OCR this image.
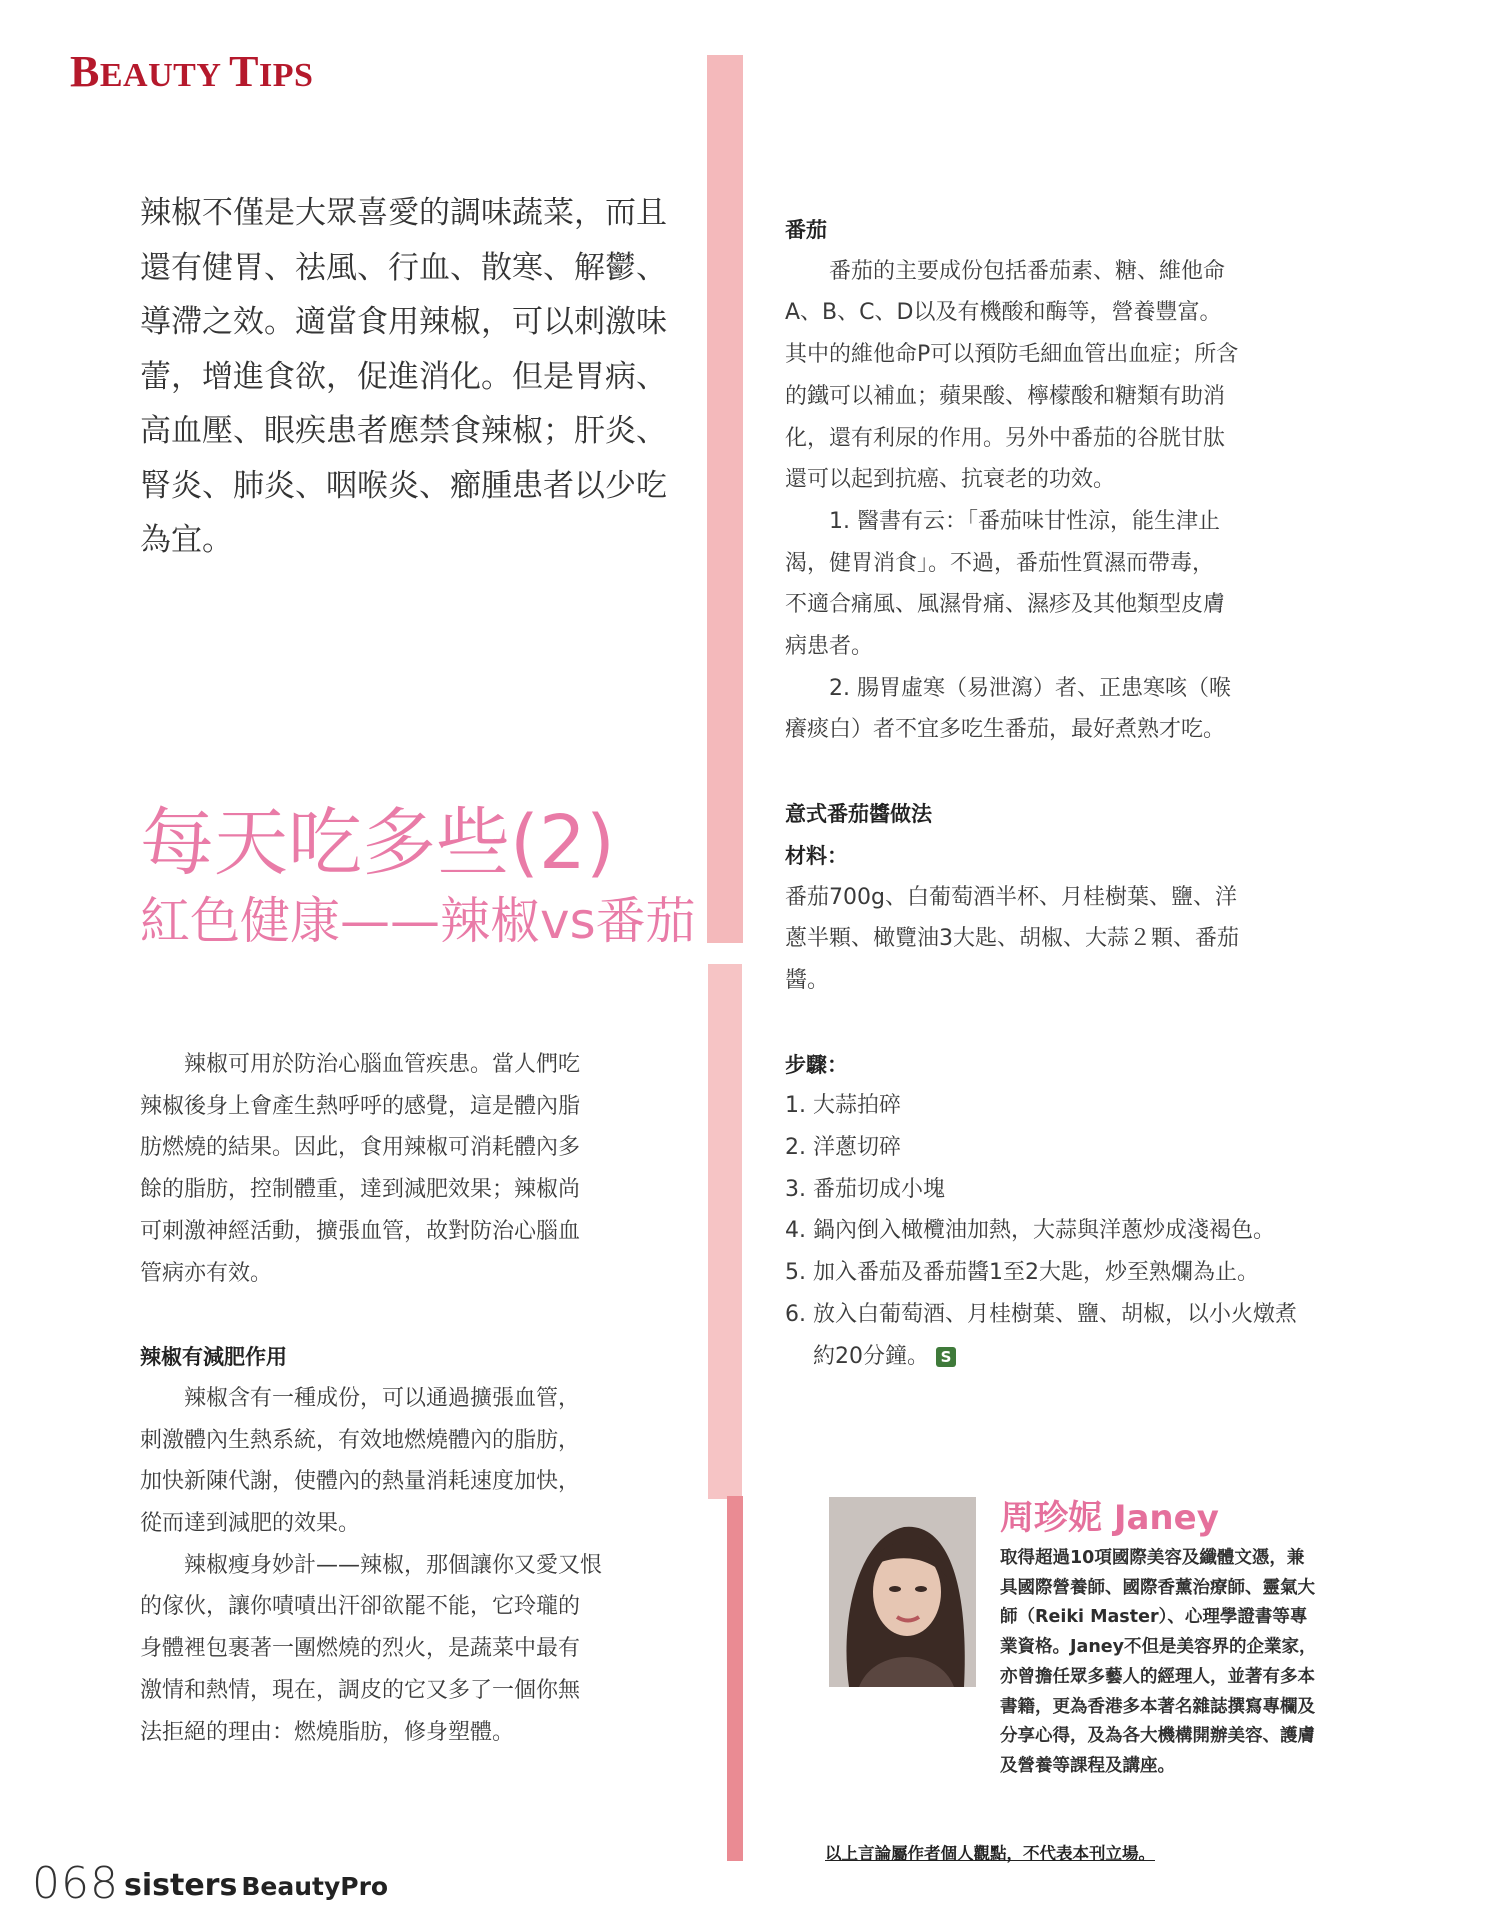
BEAUTY TIPS

辣椒不僅是大眾喜愛的調味蔬菜，而且

還有健胃、祛風、行血、散寒、解鬱、

導滯之效。適當食用辣椒，可以刺激味

蕾，增進食欲，促進消化。但是胃病、

高血壓、眼疾患者應禁食辣椒；肝炎、

腎炎、肺炎、咽喉炎、癤腫患者以少吃

為宜。

每天吃多些(2)
紅色健康——辣椒vs番茄

辣椒可用於防治心腦血管疾患。當人們吃

辣椒後身上會產生熱呼呼的感覺，這是體內脂

肪燃燒的結果。因此，食用辣椒可消耗體內多

餘的脂肪，控制體重，達到減肥效果；辣椒尚

可刺激神經活動，擴張血管，故對防治心腦血

管病亦有效。

辣椒有減肥作用

辣椒含有一種成份，可以通過擴張血管，

刺激體內生熱系統，有效地燃燒體內的脂肪，

加快新陳代謝，使體內的熱量消耗速度加快，

從而達到減肥的效果。

辣椒瘦身妙計——辣椒，那個讓你又愛又恨

的傢伙，讓你嘖嘖出汗卻欲罷不能，它玲瓏的

身體裡包裹著一團燃燒的烈火，是蔬菜中最有

激情和熱情，現在，調皮的它又多了一個你無

法拒絕的理由：燃燒脂肪，修身塑體。

番茄

番茄的主要成份包括番茄素、糖、維他命

A、B、C、D以及有機酸和酶等，營養豐富。

其中的維他命P可以預防毛細血管出血症；所含

的鐵可以補血；蘋果酸、檸檬酸和糖類有助消

化，還有利尿的作用。另外中番茄的谷胱甘肽

還可以起到抗癌、抗衰老的功效。

1. 醫書有云：「番茄味甘性涼，能生津止

渴，健胃消食」。不過，番茄性質濕而帶毒，

不適合痛風、風濕骨痛、濕疹及其他類型皮膚

病患者。

2. 腸胃虛寒（易泄瀉）者、正患寒咳（喉

癢痰白）者不宜多吃生番茄，最好煮熟才吃。

意式番茄醬做法

材料：

番茄700g、白葡萄酒半杯、月桂樹葉、鹽、洋

蔥半顆、橄覽油3大匙、胡椒、大蒜２顆、番茄

醬。

步驟：

1. 大蒜拍碎
2. 洋蔥切碎
3. 番茄切成小塊
4. 鍋內倒入橄欖油加熱，大蒜與洋蔥炒成淺褐色。
5. 加入番茄及番茄醬1至2大匙，炒至熟爛為止。
6. 放入白葡萄酒、月桂樹葉、鹽、胡椒，以小火燉煮約20分鐘。 S
周珍妮 Janey
取得超過10項國際美容及纖體文憑，兼具國際營養師、國際香薰治療師、靈氣大師（Reiki Master）、心理學證書等專業資格。Janey不但是美容界的企業家，亦曾擔任眾多藝人的經理人，並著有多本書籍，更為香港多本著名雜誌撰寫專欄及分享心得，及為各大機構開辦美容、護膚及營養等課程及講座。
以上言論屬作者個人觀點，不代表本刊立場。
068 sisters BeautyPro
